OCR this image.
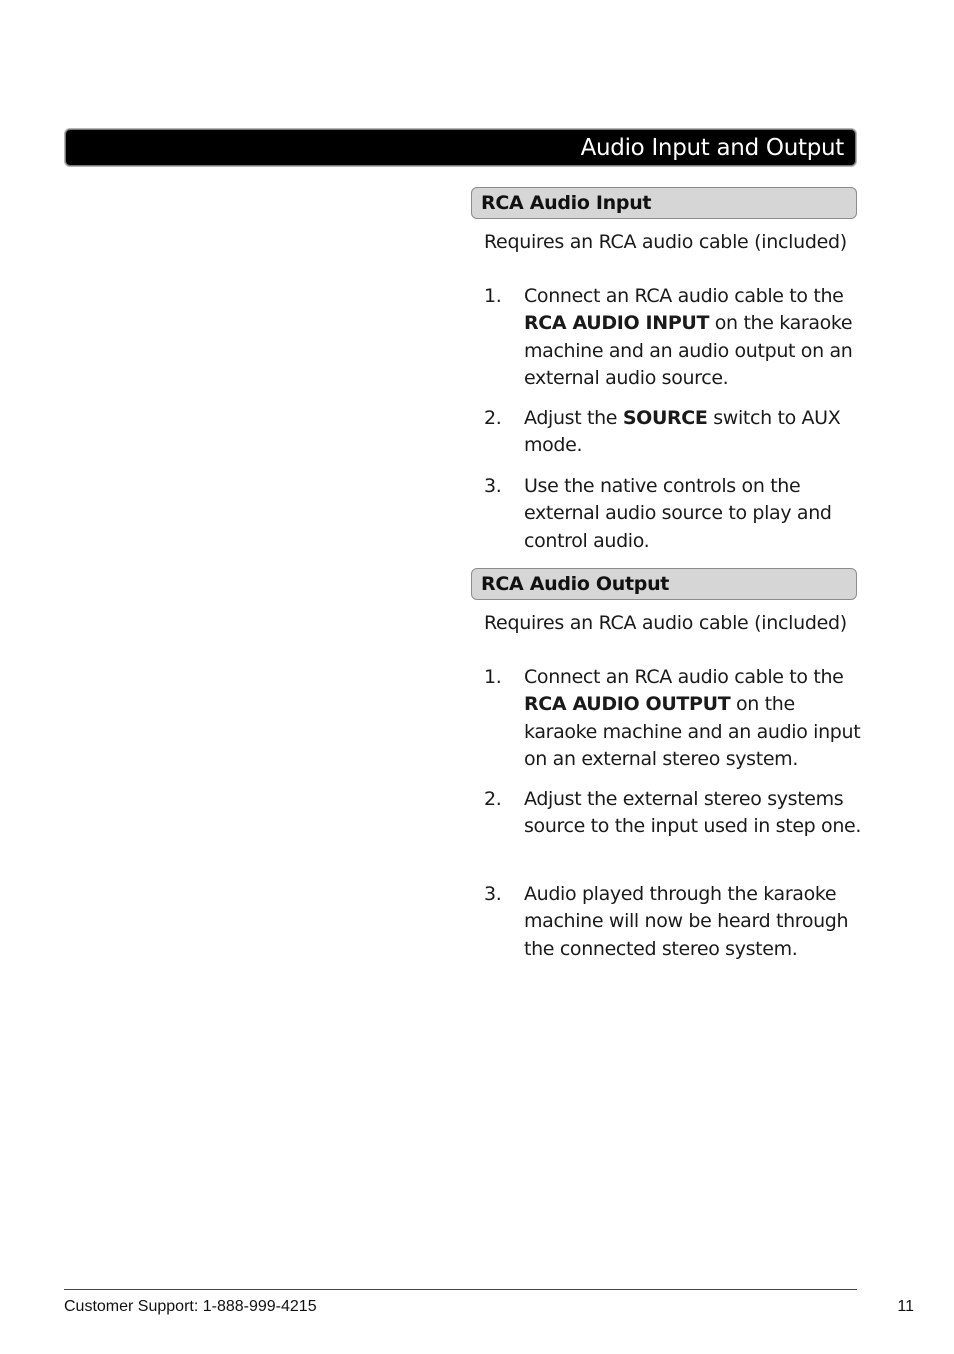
Audio Input and Output
RCA Audio Input
Requires an RCA audio cable (included)
1. Connect an RCA audio cable to the RCA AUDIO INPUT on the karaoke machine and an audio output on an external audio source.
2. Adjust the SOURCE switch to AUX mode.
3. Use the native controls on the external audio source to play and control audio.
RCA Audio Output
Requires an RCA audio cable (included)
1. Connect an RCA audio cable to the RCA AUDIO OUTPUT on the karaoke machine and an audio input on an external stereo system.
2. Adjust the external stereo systems source to the input used in step one.
3. Audio played through the karaoke machine will now be heard through the connected stereo system.
Customer Support: 1-888-999-4215	11
